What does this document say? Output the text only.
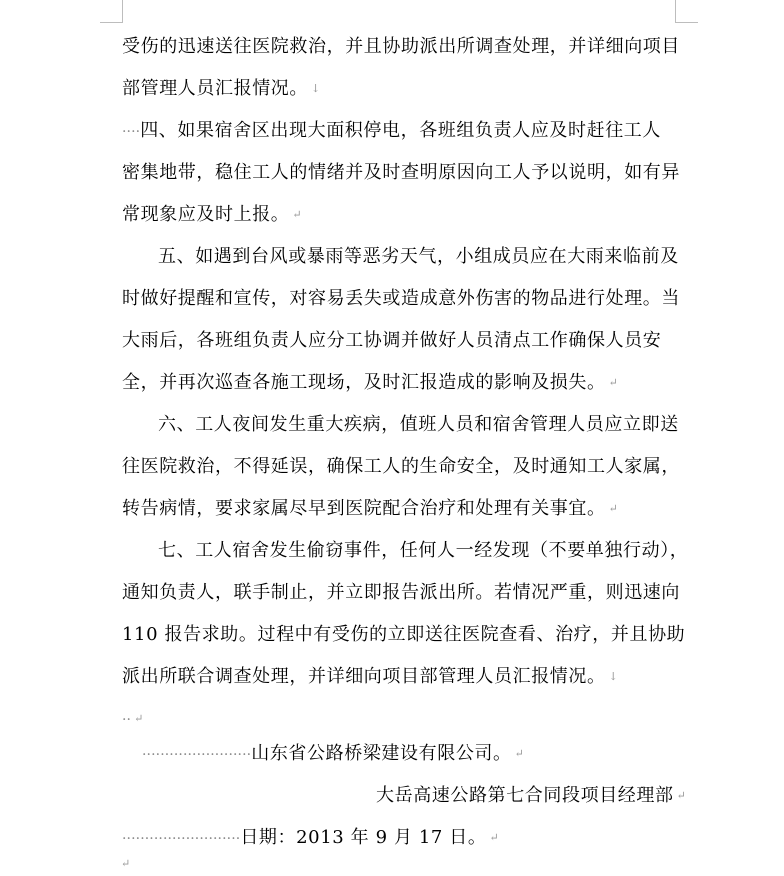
受伤的迅速送往医院救治，并且协助派出所调查处理，并详细向项目
部管理人员汇报情况。 ↓
····四、如果宿舍区出现大面积停电，各班组负责人应及时赶往工人
密集地带，稳住工人的情绪并及时查明原因向工人予以说明，如有异
常现象应及时上报。 ↵
五、如遇到台风或暴雨等恶劣天气，小组成员应在大雨来临前及
时做好提醒和宣传，对容易丢失或造成意外伤害的物品进行处理。当
大雨后，各班组负责人应分工协调并做好人员清点工作确保人员安
全，并再次巡查各施工现场，及时汇报造成的影响及损失。 ↵
六、工人夜间发生重大疾病，值班人员和宿舍管理人员应立即送
往医院救治，不得延误，确保工人的生命安全，及时通知工人家属，
转告病情，要求家属尽早到医院配合治疗和处理有关事宜。 ↵
七、工人宿舍发生偷窃事件，任何人一经发现（不要单独行动），
通知负责人，联手制止，并立即报告派出所。若情况严重，则迅速向
110 报告求助。过程中有受伤的立即送往医院查看、治疗，并且协助
派出所联合调查处理，并详细向项目部管理人员汇报情况。 ↓
·· ↵
························山东省公路桥梁建设有限公司。 ↵
大岳高速公路第七合同段项目经理部 ↵
··························日期：2013 年 9 月 17 日。 ↵
↵
